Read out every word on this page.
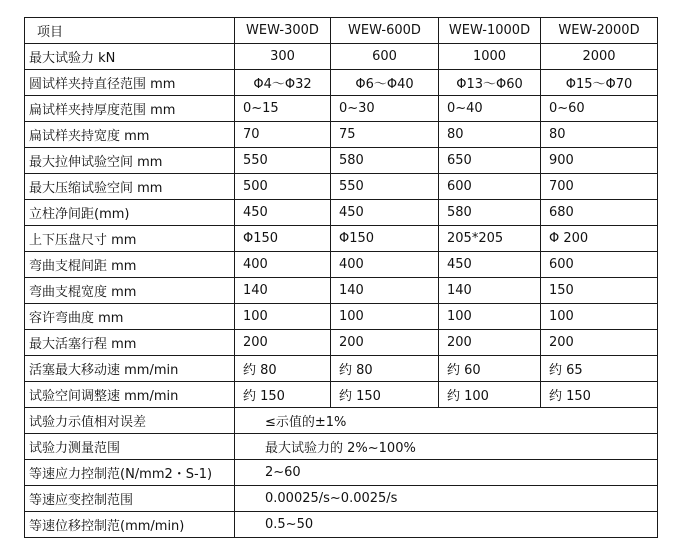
项目	WEW-300D	WEW-600D	WEW-1000D	WEW-2000D
最大试验力 kN	300	600	1000	2000
圆试样夹持直径范围 mm	Φ4～Φ32	Φ6～Φ40	Φ13～Φ60	Φ15～Φ70
扁试样夹持厚度范围 mm	0~15	0~30	0~40	0~60
扁试样夹持宽度 mm	70	75	80	80
最大拉伸试验空间 mm	550	580	650	900
最大压缩试验空间 mm	500	550	600	700
立柱净间距(mm)	450	450	580	680
上下压盘尺寸 mm	Φ150	Φ150	205*205	Φ 200
弯曲支棍间距 mm	400	400	450	600
弯曲支棍宽度 mm	140	140	140	150
容许弯曲度 mm	100	100	100	100
最大活塞行程 mm	200	200	200	200
活塞最大移动速 mm/min	约 80	约 80	约 60	约 65
试验空间调整速 mm/min	约 150	约 150	约 100	约 150
试验力示值相对误差	≤示值的±1%			
试验力测量范围	最大试验力的 2%~100%			
等速应力控制范(N/mm2・S-1)	2~60			
等速应变控制范围	0.00025/s~0.0025/s			
等速位移控制范(mm/min)	0.5~50			
